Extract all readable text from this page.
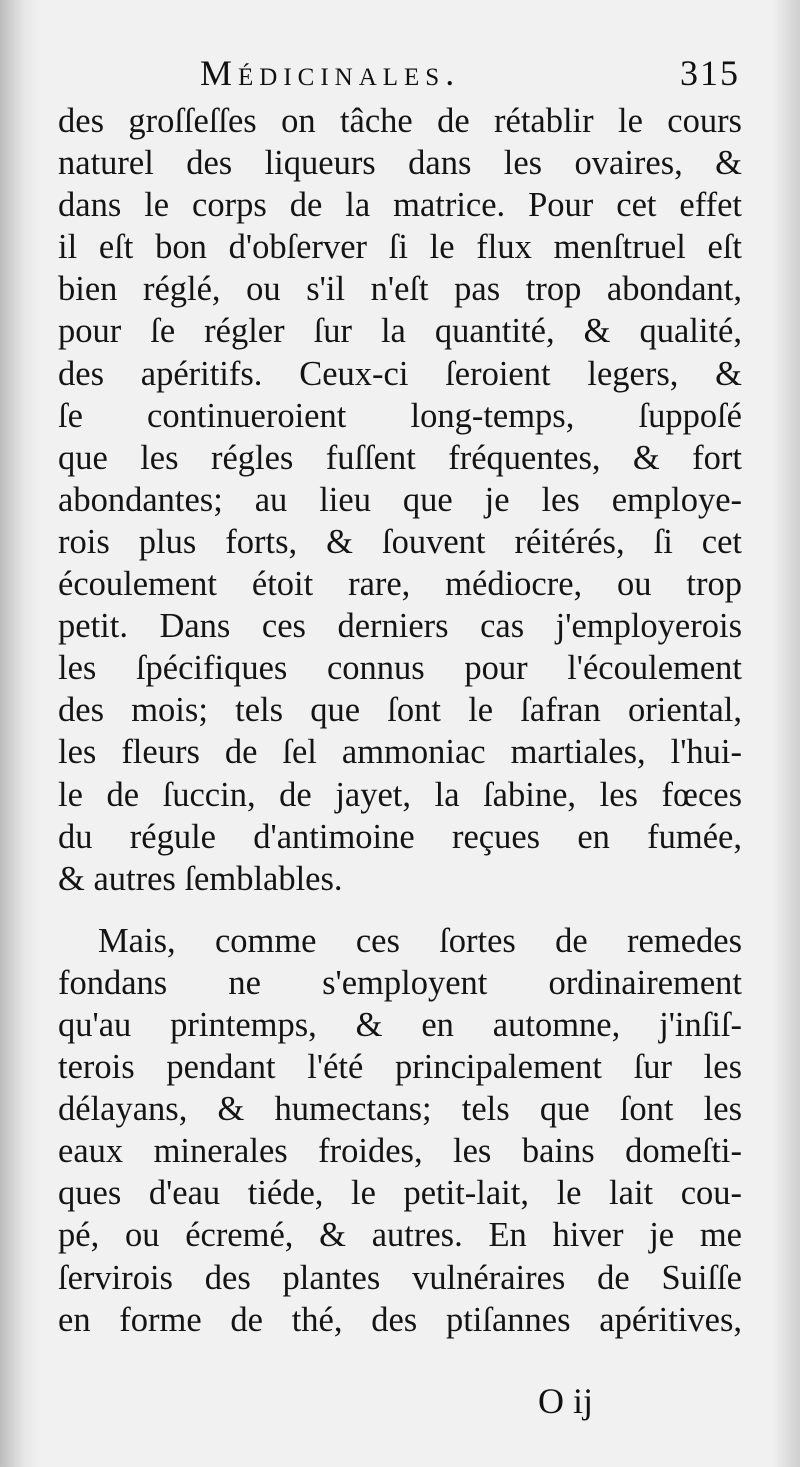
Médicinales.	315
des groſſeſſes on tâche de rétablir le cours
naturel des liqueurs dans les ovaires, &
dans le corps de la matrice. Pour cet effet
il eſt bon d'obſerver ſi le flux menſtruel eſt
bien réglé, ou s'il n'eſt pas trop abondant,
pour ſe régler ſur la quantité, & qualité,
des apéritifs. Ceux-ci ſeroient legers, &
ſe continueroient long-temps, ſuppoſé
que les régles fuſſent fréquentes, & fort
abondantes; au lieu que je les employe-
rois plus forts, & ſouvent réitérés, ſi cet
écoulement étoit rare, médiocre, ou trop
petit. Dans ces derniers cas j'employerois
les ſpécifiques connus pour l'écoulement
des mois; tels que ſont le ſafran oriental,
les fleurs de ſel ammoniac martiales, l'hui-
le de ſuccin, de jayet, la ſabine, les fœces
du régule d'antimoine reçues en fumée,
& autres ſemblables.
Mais, comme ces ſortes de remedes
fondans ne s'employent ordinairement
qu'au printemps, & en automne, j'inſiſ-
terois pendant l'été principalement ſur les
délayans, & humectans; tels que ſont les
eaux minerales froides, les bains domeſti-
ques d'eau tiéde, le petit-lait, le lait cou-
pé, ou écremé, & autres. En hiver je me
ſervirois des plantes vulnéraires de Suiſſe
en forme de thé, des ptiſannes apéritives,
O ij
